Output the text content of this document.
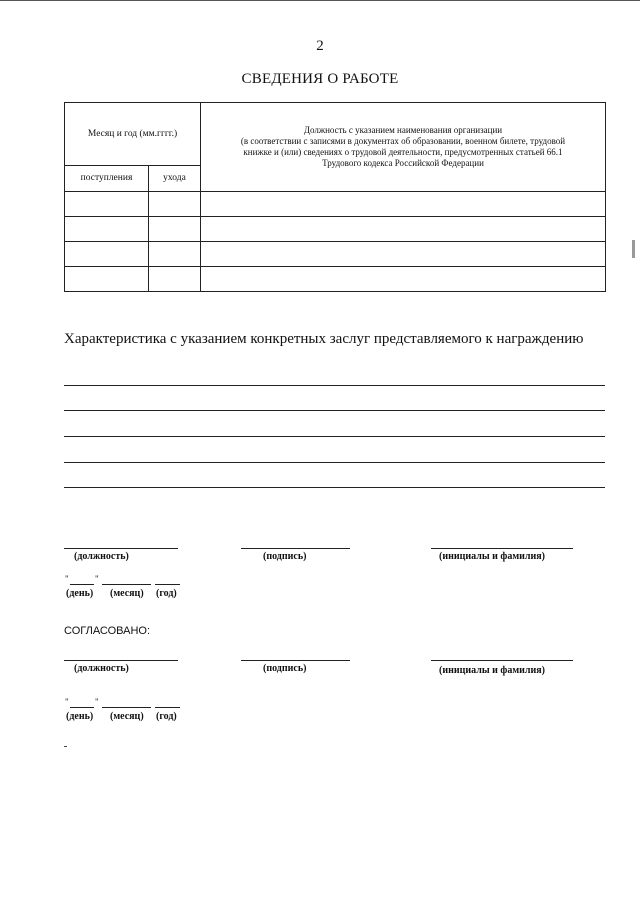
2
СВЕДЕНИЯ О РАБОТЕ
Месяц и год (мм.гггг.)		Должность с указанием наименования организации
(в соответствии с записями в документах об образовании, военном билете, трудовой
книжке и (или) сведениях о трудовой деятельности, предусмотренных статьей 66.1
Трудового кодекса Российской Федерации

поступления	ухода	

Характеристика с указанием конкретных заслуг представляемого к награждению
(должность)	(подпись)	(инициалы и фамилия)
"	"
(день) (месяц) (год)
СОГЛАСОВАНО:
(должность)	(подпись)	(инициалы и фамилия)
"	"
(день) (месяц) (год)
